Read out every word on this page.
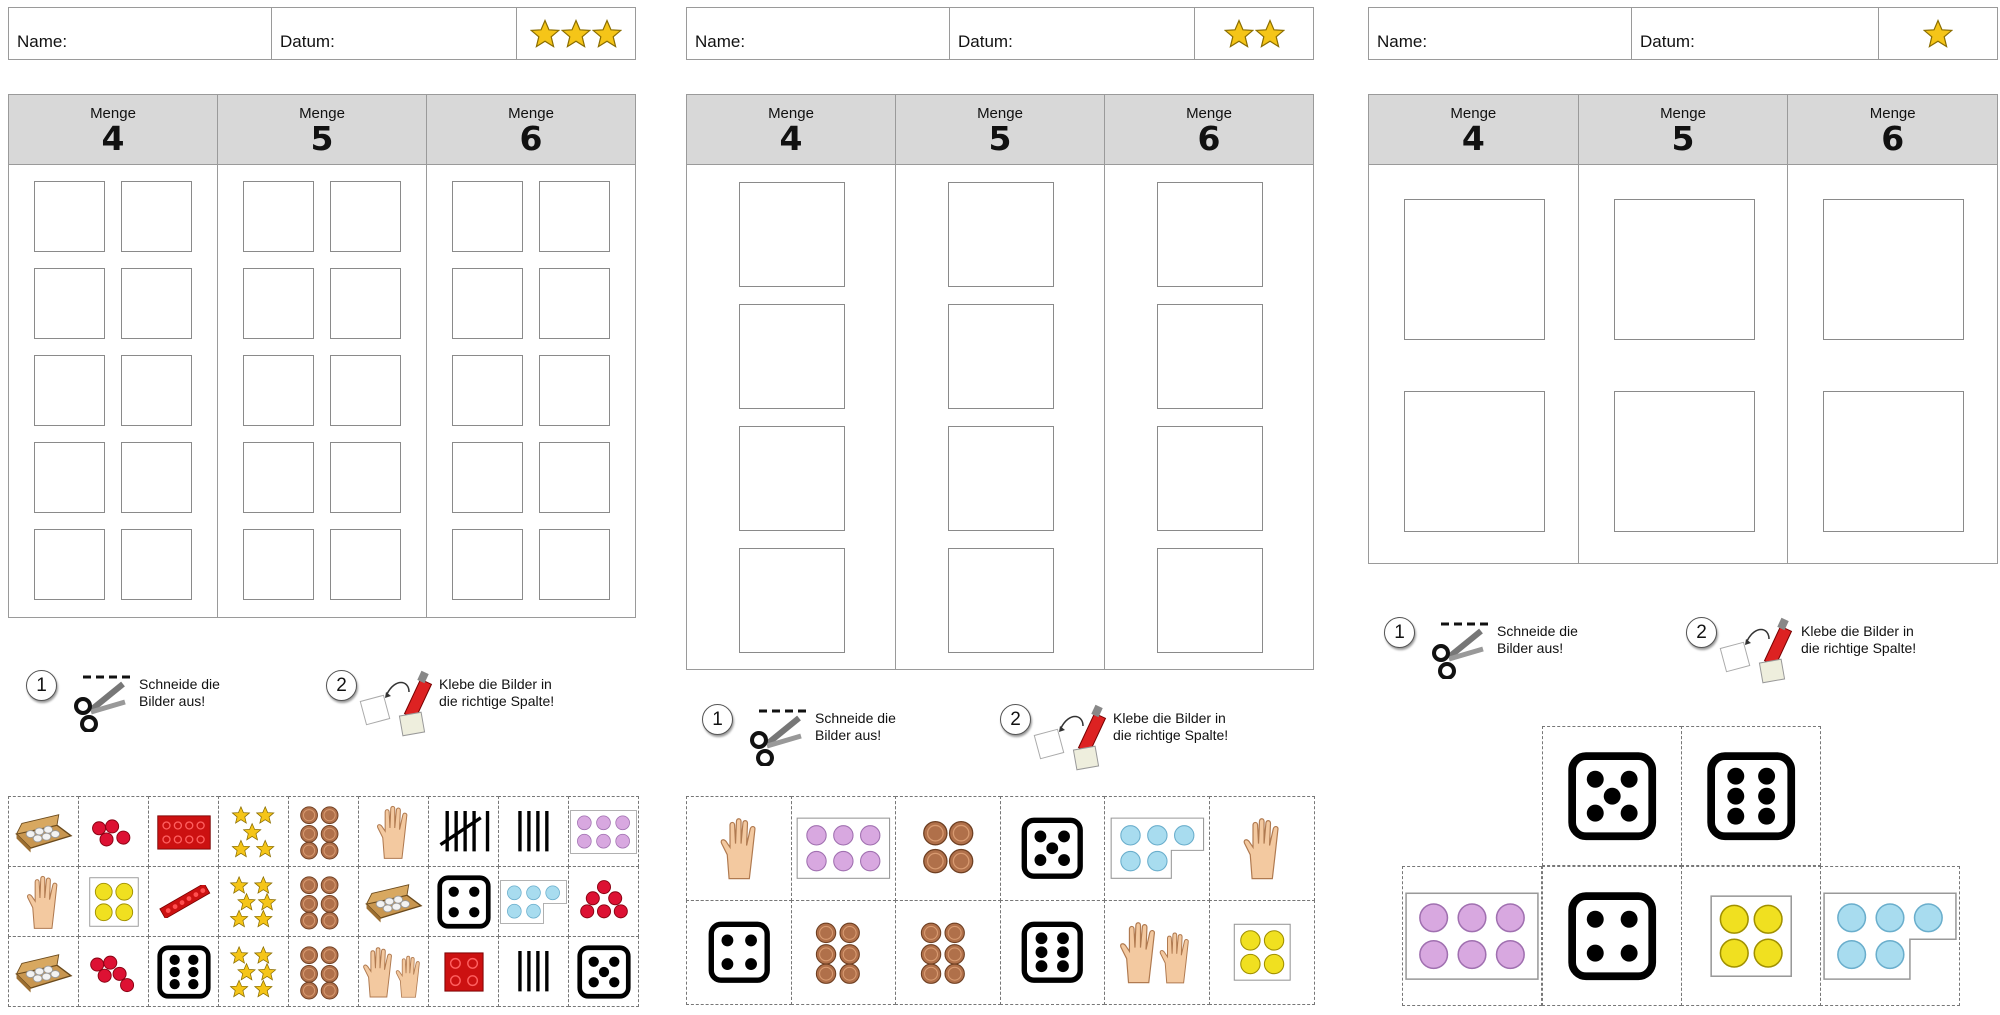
Name:	Datum:
Menge
4
Menge
5
Menge
6
1	Schneide die
Bilder aus!
2	Klebe die Bilder in
die richtige Spalte!
Name:	Datum:
Menge
4
Menge
5
Menge
6
1	Schneide die
Bilder aus!
2	Klebe die Bilder in
die richtige Spalte!
Name:	Datum:
Menge
4
Menge
5
Menge
6
1	Schneide die
Bilder aus!
2	Klebe die Bilder in
die richtige Spalte!
